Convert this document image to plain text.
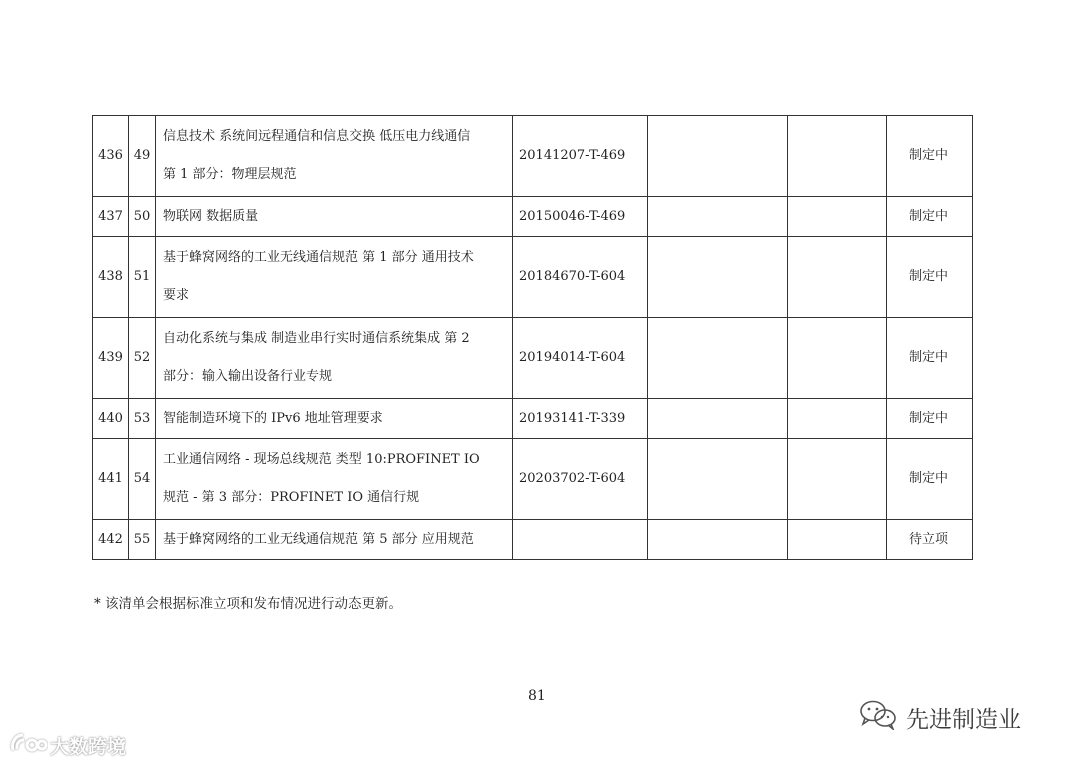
436	49	信息技术 系统间远程通信和信息交换 低压电力线通信
第 1 部分：物理层规范	20141207-T-469			制定中
437	50	物联网 数据质量	20150046-T-469			制定中
438	51	基于蜂窝网络的工业无线通信规范 第 1 部分 通用技术
要求	20184670-T-604			制定中
439	52	自动化系统与集成 制造业串行实时通信系统集成 第 2
部分：输入输出设备行业专规	20194014-T-604			制定中
440	53	智能制造环境下的 IPv6 地址管理要求	20193141-T-339			制定中
441	54	工业通信网络 - 现场总线规范 类型 10:PROFINET IO
规范 - 第 3 部分：PROFINET IO 通信行规	20203702-T-604			制定中
442	55	基于蜂窝网络的工业无线通信规范 第 5 部分 应用规范				待立项
* 该清单会根据标准立项和发布情况进行动态更新。
81
大数跨境
先进制造业
